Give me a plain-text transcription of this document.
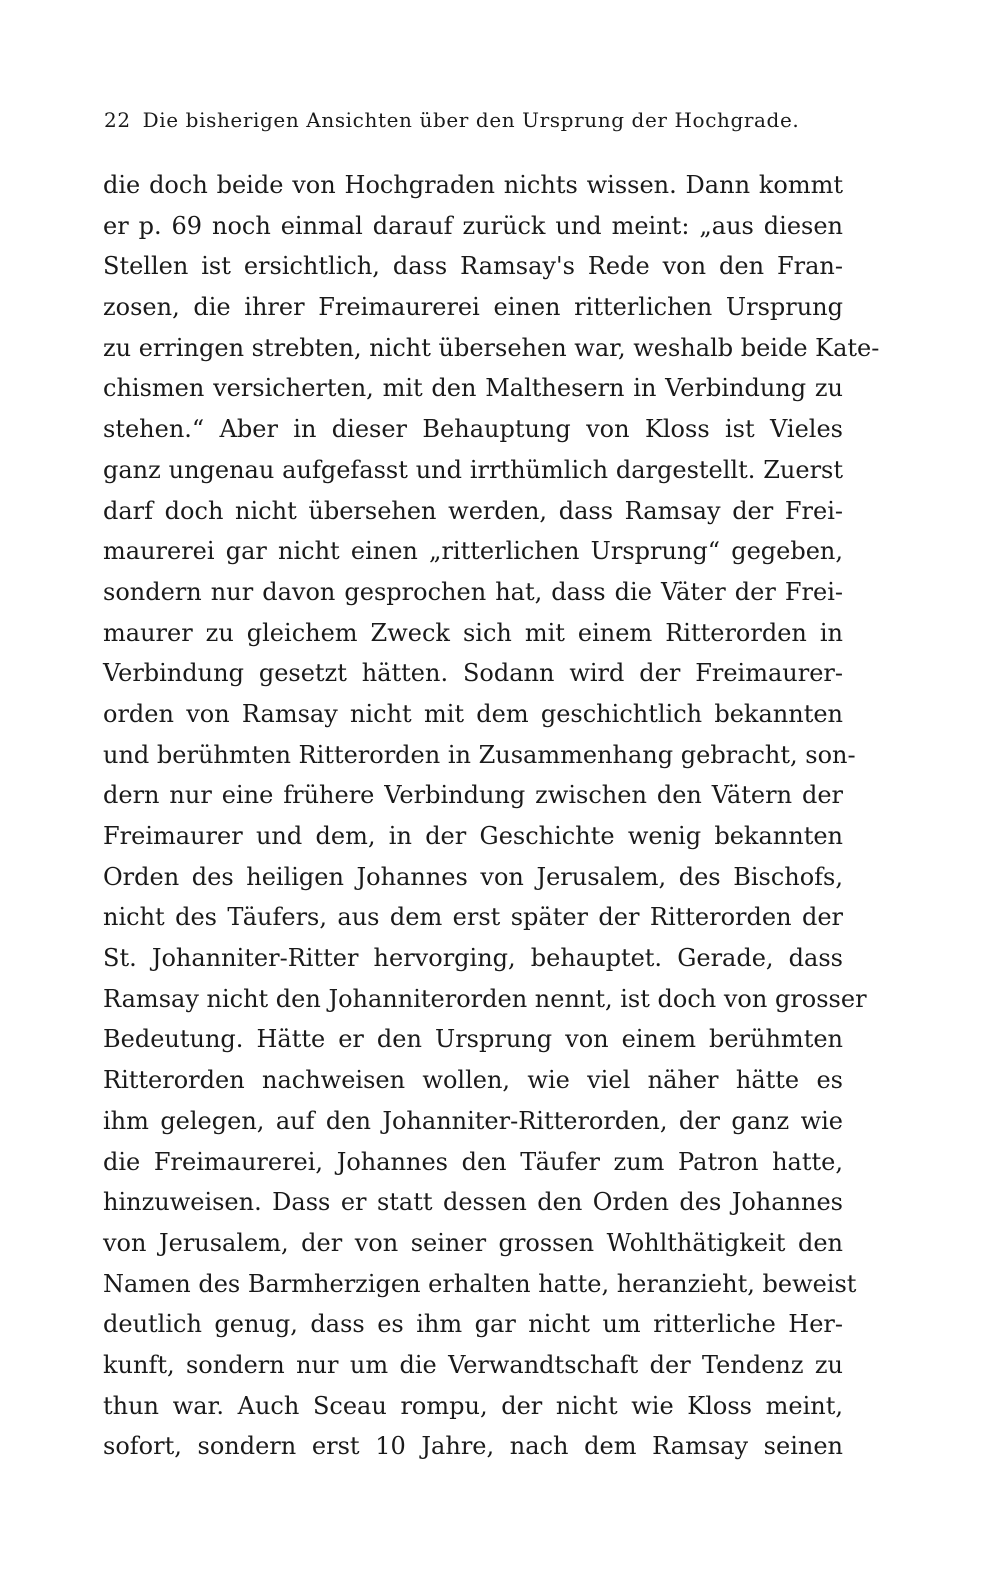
22 Die bisherigen Ansichten über den Ursprung der Hochgrade.
die doch beide von Hochgraden nichts wissen. Dann kommt
er p. 69 noch einmal darauf zurück und meint: „aus diesen
Stellen ist ersichtlich, dass Ramsay's Rede von den Fran-
zosen, die ihrer Freimaurerei einen ritterlichen Ursprung
zu erringen strebten, nicht übersehen war, weshalb beide Kate-
chismen versicherten, mit den Malthesern in Verbindung zu
stehen.“ Aber in dieser Behauptung von Kloss ist Vieles
ganz ungenau aufgefasst und irrthümlich dargestellt. Zuerst
darf doch nicht übersehen werden, dass Ramsay der Frei-
maurerei gar nicht einen „ritterlichen Ursprung“ gegeben,
sondern nur davon gesprochen hat, dass die Väter der Frei-
maurer zu gleichem Zweck sich mit einem Ritterorden in
Verbindung gesetzt hätten. Sodann wird der Freimaurer-
orden von Ramsay nicht mit dem geschichtlich bekannten
und berühmten Ritterorden in Zusammenhang gebracht, son-
dern nur eine frühere Verbindung zwischen den Vätern der
Freimaurer und dem, in der Geschichte wenig bekannten
Orden des heiligen Johannes von Jerusalem, des Bischofs,
nicht des Täufers, aus dem erst später der Ritterorden der
St. Johanniter-Ritter hervorging, behauptet. Gerade, dass
Ramsay nicht den Johanniterorden nennt, ist doch von grosser
Bedeutung. Hätte er den Ursprung von einem berühmten
Ritterorden nachweisen wollen, wie viel näher hätte es
ihm gelegen, auf den Johanniter-Ritterorden, der ganz wie
die Freimaurerei, Johannes den Täufer zum Patron hatte,
hinzuweisen. Dass er statt dessen den Orden des Johannes
von Jerusalem, der von seiner grossen Wohlthätigkeit den
Namen des Barmherzigen erhalten hatte, heranzieht, beweist
deutlich genug, dass es ihm gar nicht um ritterliche Her-
kunft, sondern nur um die Verwandtschaft der Tendenz zu
thun war. Auch Sceau rompu, der nicht wie Kloss meint,
sofort, sondern erst 10 Jahre, nach dem Ramsay seinen
